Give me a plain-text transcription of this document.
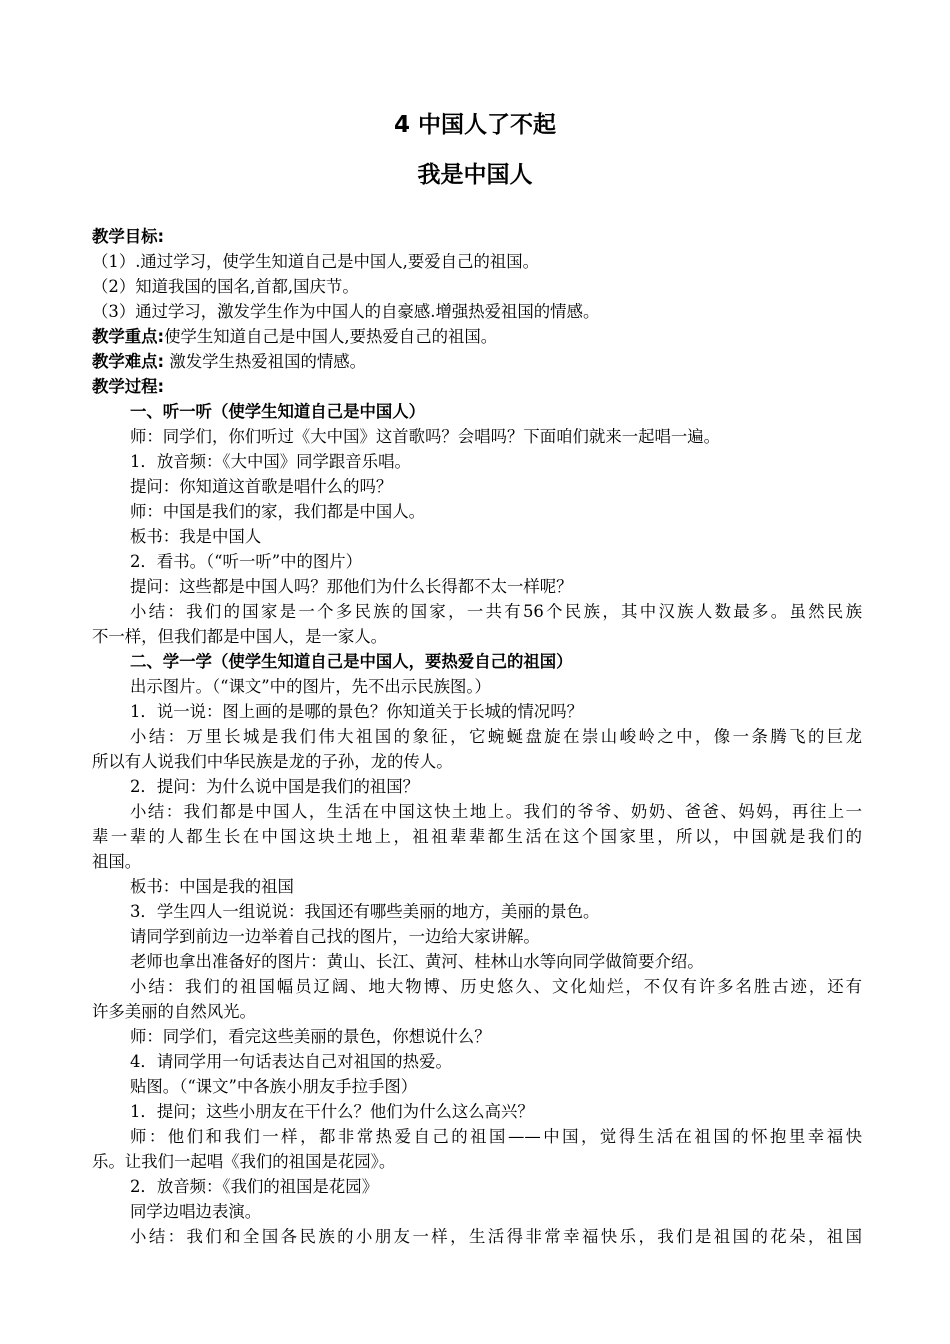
4 中国人了不起
我是中国人
教学目标:
（1）.通过学习，使学生知道自己是中国人,要爱自己的祖国。
（2）知道我国的国名,首都,国庆节。
（3）通过学习，激发学生作为中国人的自豪感.增强热爱祖国的情感。
教学重点:使学生知道自己是中国人,要热爱自己的祖国。
教学难点: 激发学生热爱祖国的情感。
教学过程:
一、听一听（使学生知道自己是中国人）
师：同学们，你们听过《大中国》这首歌吗？会唱吗？下面咱们就来一起唱一遍。
1．放音频：《大中国》同学跟音乐唱。
提问：你知道这首歌是唱什么的吗？
师：中国是我们的家，我们都是中国人。
板书：我是中国人
2．看书。（“听一听”中的图片）
提问：这些都是中国人吗？那他们为什么长得都不太一样呢？
小结：我们的国家是一个多民族的国家，一共有56个民族，其中汉族人数最多。虽然民族
不一样，但我们都是中国人，是一家人。
二、学一学（使学生知道自己是中国人，要热爱自己的祖国）
出示图片。（“课文”中的图片，先不出示民族图。）
1．说一说：图上画的是哪的景色？你知道关于长城的情况吗？
小结：万里长城是我们伟大祖国的象征，它蜿蜒盘旋在崇山峻岭之中，像一条腾飞的巨龙
所以有人说我们中华民族是龙的子孙，龙的传人。
2．提问：为什么说中国是我们的祖国？
小结：我们都是中国人，生活在中国这快土地上。我们的爷爷、奶奶、爸爸、妈妈，再往上一
辈一辈的人都生长在中国这块土地上，祖祖辈辈都生活在这个国家里，所以，中国就是我们的
祖国。
板书：中国是我的祖国
3．学生四人一组说说：我国还有哪些美丽的地方，美丽的景色。
请同学到前边一边举着自己找的图片，一边给大家讲解。
老师也拿出准备好的图片：黄山、长江、黄河、桂林山水等向同学做简要介绍。
小结：我们的祖国幅员辽阔、地大物博、历史悠久、文化灿烂，不仅有许多名胜古迹，还有
许多美丽的自然风光。
师：同学们，看完这些美丽的景色，你想说什么？
4．请同学用一句话表达自己对祖国的热爱。
贴图。（“课文”中各族小朋友手拉手图）
1．提问；这些小朋友在干什么？他们为什么这么高兴？
师：他们和我们一样，都非常热爱自己的祖国——中国，觉得生活在祖国的怀抱里幸福快
乐。让我们一起唱《我们的祖国是花园》。
2．放音频：《我们的祖国是花园》
同学边唱边表演。
小结：我们和全国各民族的小朋友一样，生活得非常幸福快乐，我们是祖国的花朵，祖国
